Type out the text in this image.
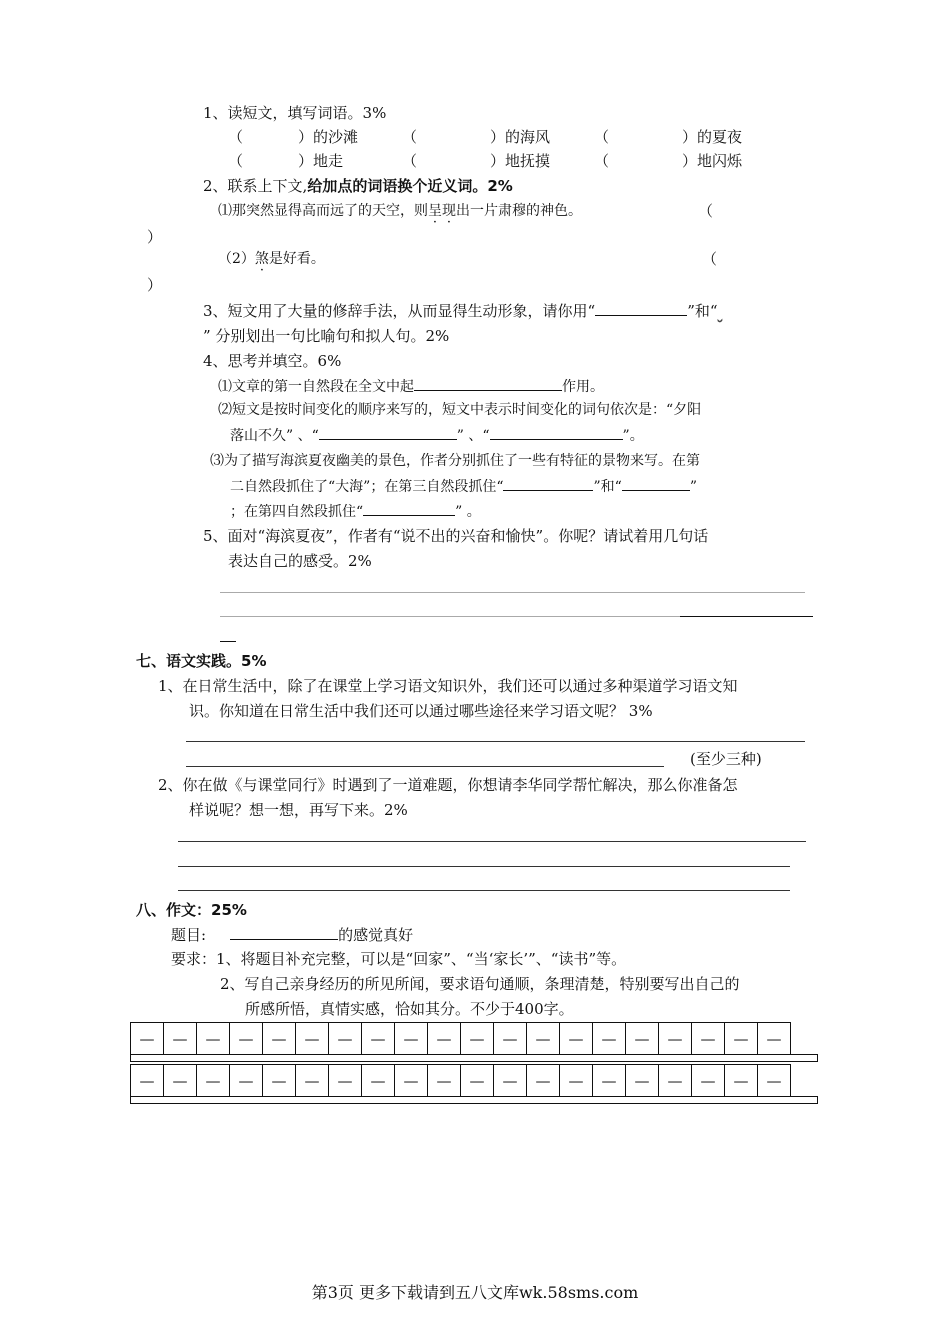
1、读短文，填写词语。3%
（	）的沙滩	（	）的海风	（	）的夏夜
（	）地走	（	）地抚摸	（	）地闪烁
2、联系上下文,给加点的词语换个近义词。2%
⑴那突然显得高而远了的天空，则呈现出一片肃穆的神色。	（
）
（2）煞是好看。	（
）
3、短文用了大量的修辞手法，从而显得生动形象，请你用“	”和“
” 分别划出一句比喻句和拟人句。2%
4、思考并填空。6%
⑴文章的第一自然段在全文中起	作用。
⑵短文是按时间变化的顺序来写的，短文中表示时间变化的词句依次是：“夕阳
落山不久” 、“	” 、“	”。
⑶为了描写海滨夏夜幽美的景色，作者分别抓住了一些有特征的景物来写。在第
二自然段抓住了“大海”；在第三自然段抓住“	”和“	”
；在第四自然段抓住“	” 。
5、面对“海滨夏夜”，作者有“说不出的兴奋和愉快”。你呢？请试着用几句话
表达自己的感受。2%
七、语文实践。5%
1、在日常生活中，除了在课堂上学习语文知识外，我们还可以通过多种渠道学习语文知
识。你知道在日常生活中我们还可以通过哪些途径来学习语文呢？ 3%
(至少三种)
2、你在做《与课堂同行》时遇到了一道难题，你想请李华同学帮忙解决，那么你准备怎
样说呢？想一想，再写下来。2%
八、作文：25%
题目:	的感觉真好
要求：1、将题目补充完整，可以是“回家”、“当‘家长’”、“读书”等。
2、写自己亲身经历的所见所闻，要求语句通顺，条理清楚，特别要写出自己的
所感所悟，真情实感，恰如其分。不少于400字。
—	—	—	—	—	—	—	—	—	—	—	—	—	—	—	—	—	—	—	—
—	—	—	—	—	—	—	—	—	—	—	—	—	—	—	—	—	—	—	—
第3页 更多下载请到五八文库wk.58sms.com
